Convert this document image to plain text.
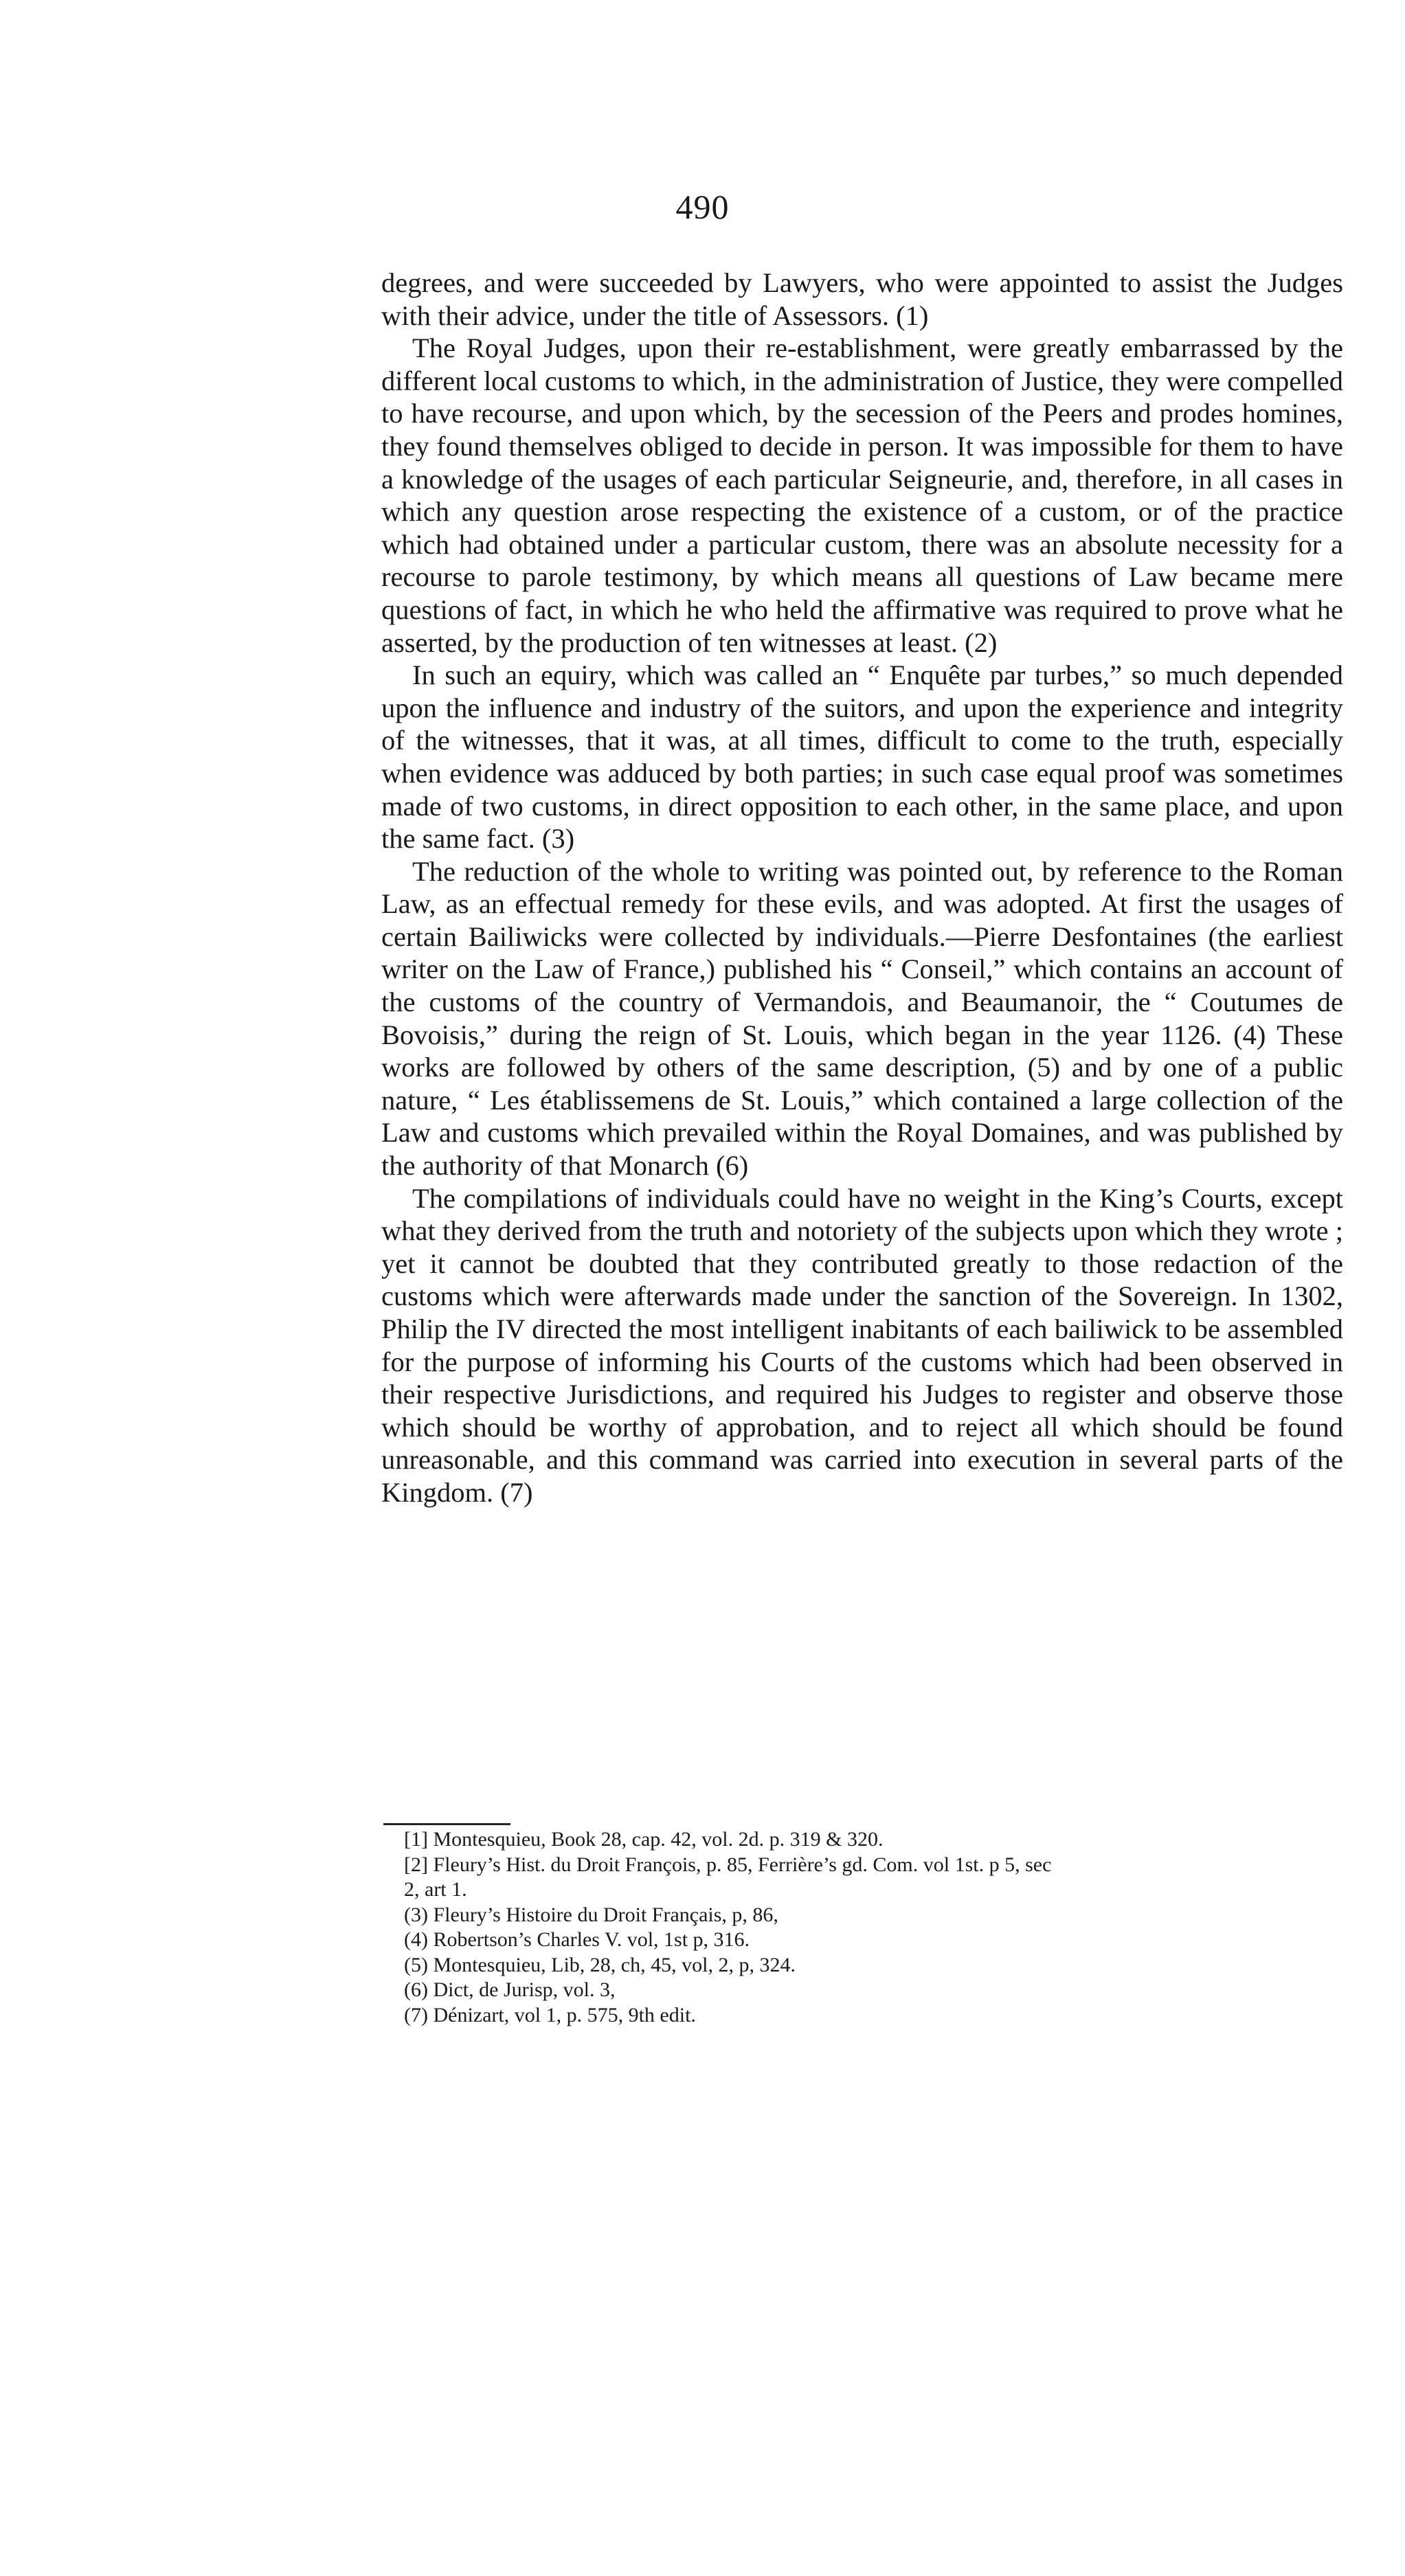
490

degrees, and were succeeded by Lawyers, who were appointed to assist the Judges with their advice, under the title of Assessors. (1)

The Royal Judges, upon their re-establishment, were greatly embarrassed by the different local customs to which, in the administration of Justice, they were compelled to have recourse, and upon which, by the secession of the Peers and prodes homines, they found themselves obliged to decide in person. It was impossible for them to have a knowledge of the usages of each particular Seigneurie, and, therefore, in all cases in which any question arose respecting the existence of a custom, or of the practice which had obtained under a particular custom, there was an absolute necessity for a recourse to parole testimony, by which means all questions of Law became mere questions of fact, in which he who held the affirmative was required to prove what he asserted, by the production of ten witnesses at least. (2)

In such an equiry, which was called an “ Enquête par turbes,” so much depended upon the influence and industry of the suitors, and upon the experience and integrity of the witnesses, that it was, at all times, difficult to come to the truth, especially when evidence was adduced by both parties; in such case equal proof was sometimes made of two customs, in direct opposition to each other, in the same place, and upon the same fact. (3)

The reduction of the whole to writing was pointed out, by reference to the Roman Law, as an effectual remedy for these evils, and was adopted. At first the usages of certain Bailiwicks were collected by individuals.—Pierre Desfontaines (the earliest writer on the Law of France,) published his “ Conseil,” which contains an account of the customs of the country of Vermandois, and Beaumanoir, the “ Coutumes de Bovoisis,” during the reign of St. Louis, which began in the year 1126. (4) These works are followed by others of the same description, (5) and by one of a public nature, “ Les établissemens de St. Louis,” which contained a large collection of the Law and customs which prevailed within the Royal Domaines, and was published by the authority of that Monarch (6)

The compilations of individuals could have no weight in the King’s Courts, except what they derived from the truth and notoriety of the subjects upon which they wrote ; yet it cannot be doubted that they contributed greatly to those redaction of the customs which were afterwards made under the sanction of the Sovereign. In 1302, Philip the IV directed the most intelligent inabitants of each bailiwick to be assembled for the purpose of informing his Courts of the customs which had been observed in their respective Jurisdictions, and required his Judges to register and observe those which should be worthy of approbation, and to reject all which should be found unreasonable, and this command was carried into execution in several parts of the Kingdom. (7)

[1] Montesquieu, Book 28, cap. 42, vol. 2d. p. 319 & 320.
[2] Fleury’s Hist. du Droit François, p. 85, Ferrière’s gd. Com. vol 1st. p 5, sec
2, art 1.
(3) Fleury’s Histoire du Droit Français, p, 86,
(4) Robertson’s Charles V. vol, 1st p, 316.
(5) Montesquieu, Lib, 28, ch, 45, vol, 2, p, 324.
(6) Dict, de Jurisp, vol. 3,
(7) Dénizart, vol 1, p. 575, 9th edit.
